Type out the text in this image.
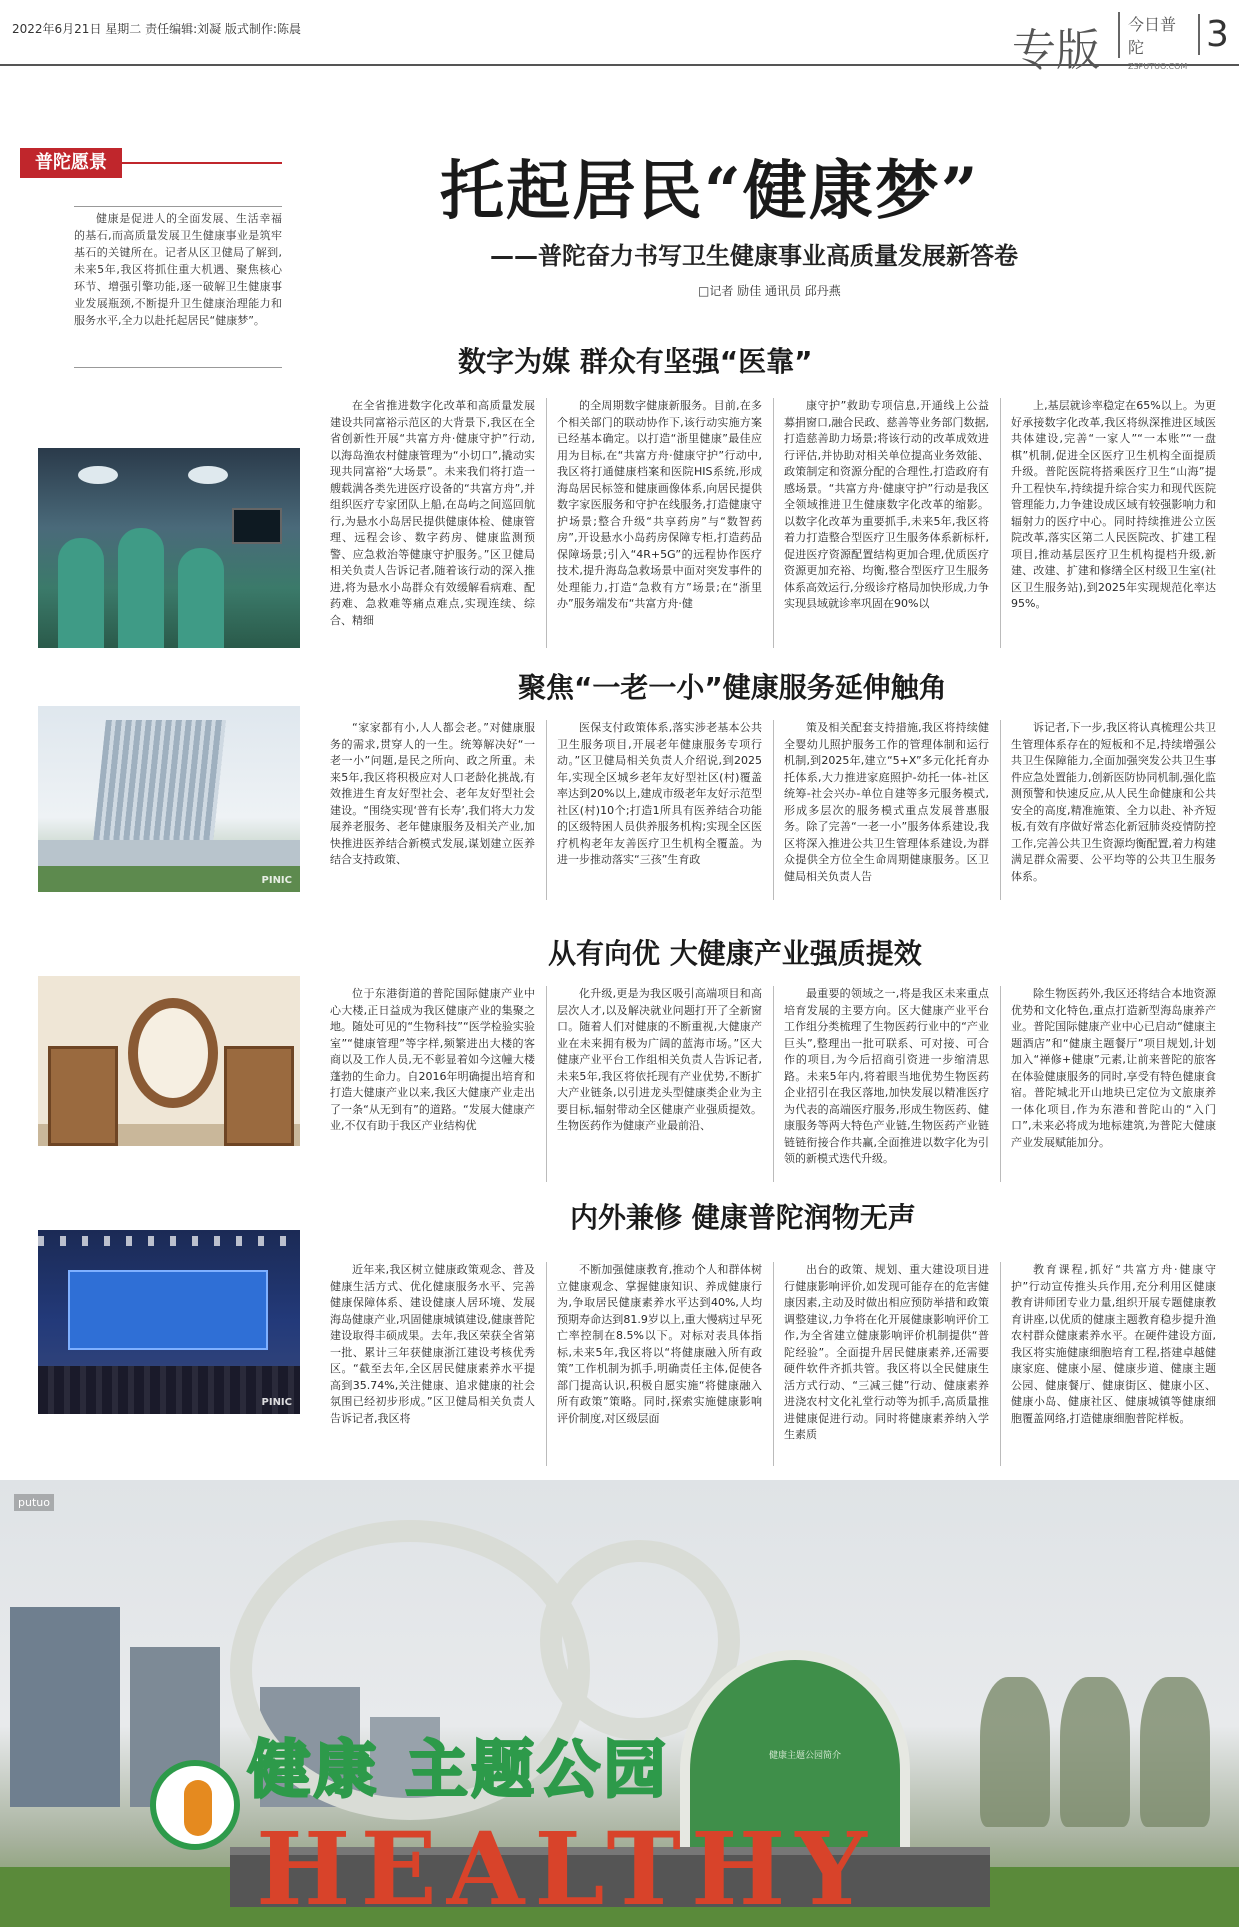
2022年6月21日 星期二 责任编辑:刘凝 版式制作:陈晨	专版
今日普陀
ZSPUTUO.COM
3
普陀愿景

健康是促进人的全面发展、生活幸福的基石,而高质量发展卫生健康事业是筑牢基石的关键所在。记者从区卫健局了解到,未来5年,我区将抓住重大机遇、聚焦核心环节、增强引擎功能,逐一破解卫生健康事业发展瓶颈,不断提升卫生健康治理能力和服务水平,全力以赴托起居民“健康梦”。

托起居民“健康梦”
——普陀奋力书写卫生健康事业高质量发展新答卷
□记者 励佳 通讯员 邱丹燕
数字为媒 群众有坚强“医靠”

在全省推进数字化改革和高质量发展建设共同富裕示范区的大背景下,我区在全省创新性开展“共富方舟·健康守护”行动,以海岛渔农村健康管理为“小切口”,撬动实现共同富裕“大场景”。未来我们将打造一艘载满各类先进医疗设备的“共富方舟”,并组织医疗专家团队上船,在岛屿之间巡回航行,为悬水小岛居民提供健康体检、健康管理、远程会诊、数字药房、健康监测预警、应急救治等健康守护服务。”区卫健局相关负责人告诉记者,随着该行动的深入推进,将为悬水小岛群众有效缓解看病难、配药难、急救难等痛点难点,实现连续、综合、精细

的全周期数字健康新服务。目前,在多个相关部门的联动协作下,该行动实施方案已经基本确定。以打造“浙里健康”最佳应用为目标,在“共富方舟·健康守护”行动中,我区将打通健康档案和医院HIS系统,形成海岛居民标签和健康画像体系,向居民提供数字家医服务和守护在线服务,打造健康守护场景;整合升级“共享药房”与“数智药房”,开设悬水小岛药房保障专柜,打造药品保障场景;引入“4R+5G”的远程协作医疗技术,提升海岛急救场景中面对突发事件的处理能力,打造“急救有方”场景;在“浙里办”服务端发布“共富方舟·健

康守护”救助专项信息,开通线上公益募捐窗口,融合民政、慈善等业务部门数据,打造慈善助力场景;将该行动的改革成效进行评估,并协助对相关单位提高业务效能、政策制定和资源分配的合理性,打造政府有感场景。“共富方舟·健康守护”行动是我区全领域推进卫生健康数字化改革的缩影。以数字化改革为重要抓手,未来5年,我区将着力打造整合型医疗卫生服务体系新标杆,促进医疗资源配置结构更加合理,优质医疗资源更加充裕、均衡,整合型医疗卫生服务体系高效运行,分级诊疗格局加快形成,力争实现县域就诊率巩固在90%以

上,基层就诊率稳定在65%以上。为更好承接数字化改革,我区将纵深推进区域医共体建设,完善“一家人”“一本账”“一盘棋”机制,促进全区医疗卫生机构全面提质升级。普陀医院将搭乘医疗卫生“山海”提升工程快车,持续提升综合实力和现代医院管理能力,力争建设成区域有较强影响力和辐射力的医疗中心。同时持续推进公立医院改革,落实区第二人民医院改、扩建工程项目,推动基层医疗卫生机构提档升级,新建、改建、扩建和修缮全区村级卫生室(社区卫生服务站),到2025年实现规范化率达95%。

聚焦“一老一小”健康服务延伸触角
PINIC

“家家都有小,人人都会老。”对健康服务的需求,贯穿人的一生。统筹解决好“一老一小”问题,是民之所向、政之所重。未来5年,我区将积极应对人口老龄化挑战,有效推进生育友好型社会、老年友好型社会建设。“围绕实现‘普有长寿’,我们将大力发展养老服务、老年健康服务及相关产业,加快推进医养结合新模式发展,谋划建立医养结合支持政策、

医保支付政策体系,落实涉老基本公共卫生服务项目,开展老年健康服务专项行动。”区卫健局相关负责人介绍说,到2025年,实现全区城乡老年友好型社区(村)覆盖率达到20%以上,建成市级老年友好示范型社区(村)10个;打造1所具有医养结合功能的区级特困人员供养服务机构;实现全区医疗机构老年友善医疗卫生机构全覆盖。为进一步推动落实“三孩”生育政

策及相关配套支持措施,我区将持续健全婴幼儿照护服务工作的管理体制和运行机制,到2025年,建立“5+X”多元化托育办托体系,大力推进家庭照护-幼托一体-社区统筹-社会兴办-单位自建等多元服务模式,形成多层次的服务模式重点发展普惠服务。除了完善“一老一小”服务体系建设,我区将深入推进公共卫生管理体系建设,为群众提供全方位全生命周期健康服务。区卫健局相关负责人告

诉记者,下一步,我区将认真梳理公共卫生管理体系存在的短板和不足,持续增强公共卫生保障能力,全面加强突发公共卫生事件应急处置能力,创新医防协同机制,强化监测预警和快速反应,从人民生命健康和公共安全的高度,精准施策、全力以赴、补齐短板,有效有序做好常态化新冠肺炎疫情防控工作,完善公共卫生资源均衡配置,着力构建满足群众需要、公平均等的公共卫生服务体系。

从有向优 大健康产业强质提效

位于东港街道的普陀国际健康产业中心大楼,正日益成为我区健康产业的集聚之地。随处可见的“生物科技”“医学检验实验室”“健康管理”等字样,频繁进出大楼的客商以及工作人员,无不彰显着如今这幢大楼蓬勃的生命力。自2016年明确提出培育和打造大健康产业以来,我区大健康产业走出了一条“从无到有”的道路。“发展大健康产业,不仅有助于我区产业结构优

化升级,更是为我区吸引高端项目和高层次人才,以及解决就业问题打开了全新窗口。随着人们对健康的不断重视,大健康产业在未来拥有极为广阔的蓝海市场。”区大健康产业平台工作组相关负责人告诉记者,未来5年,我区将依托现有产业优势,不断扩大产业链条,以引进龙头型健康类企业为主要目标,辐射带动全区健康产业强质提效。生物医药作为健康产业最前沿、

最重要的领域之一,将是我区未来重点培育发展的主要方向。区大健康产业平台工作组分类梳理了生物医药行业中的“产业巨头”,整理出一批可联系、可对接、可合作的项目,为今后招商引资进一步缩清思路。未来5年内,将着眼当地优势生物医药企业招引在我区落地,加快发展以精准医疗为代表的高端医疗服务,形成生物医药、健康服务等两大特色产业链,生物医药产业链链链衔接合作共赢,全面推进以数字化为引领的新模式迭代升级。

除生物医药外,我区还将结合本地资源优势和文化特色,重点打造新型海岛康养产业。普陀国际健康产业中心已启动“健康主题酒店”和“健康主题餐厅”项目规划,计划加入“禅修+健康”元素,让前来普陀的旅客在体验健康服务的同时,享受有特色健康食宿。普陀城北开山地块已定位为文旅康养一体化项目,作为东港和普陀山的“入门口”,未来必将成为地标建筑,为普陀大健康产业发展赋能加分。

内外兼修 健康普陀润物无声
PINIC

近年来,我区树立健康政策观念、普及健康生活方式、优化健康服务水平、完善健康保障体系、建设健康人居环境、发展海岛健康产业,巩固健康城镇建设,健康普陀建设取得丰硕成果。去年,我区荣获全省第一批、累计三年获健康浙江建设考核优秀区。“截至去年,全区居民健康素养水平提高到35.74%,关注健康、追求健康的社会氛围已经初步形成。”区卫健局相关负责人告诉记者,我区将

不断加强健康教育,推动个人和群体树立健康观念、掌握健康知识、养成健康行为,争取居民健康素养水平达到40%,人均预期寿命达到81.9岁以上,重大慢病过早死亡率控制在8.5%以下。对标对表具体指标,未来5年,我区将以“将健康融入所有政策”工作机制为抓手,明确责任主体,促使各部门提高认识,积极自愿实施“将健康融入所有政策”策略。同时,探索实施健康影响评价制度,对区级层面

出台的政策、规划、重大建设项目进行健康影响评价,如发现可能存在的危害健康因素,主动及时做出相应预防举措和政策调整建议,力争将在化开展健康影响评价工作,为全省建立健康影响评价机制提供“普陀经验”。全面提升居民健康素养,还需要硬件软件齐抓共管。我区将以全民健康生活方式行动、“三减三健”行动、健康素养进浇农村文化礼堂行动等为抓手,高质量推进健康促进行动。同时将健康素养纳入学生素质

教育课程,抓好“共富方舟·健康守护”行动宣传推头兵作用,充分利用区健康教育讲师团专业力量,组织开展专题健康教育讲座,以优质的健康主题教育稳步提升渔农村群众健康素养水平。在硬件建设方面,我区将实施健康细胞培育工程,搭建卓越健康家庭、健康小屋、健康步道、健康主题公园、健康餐厅、健康街区、健康小区、健康小岛、健康社区、健康城镇等健康细胞覆盖网络,打造健康细胞普陀样板。

健康主题公园简介
健康 主题公园
HEALTHY
putuo
